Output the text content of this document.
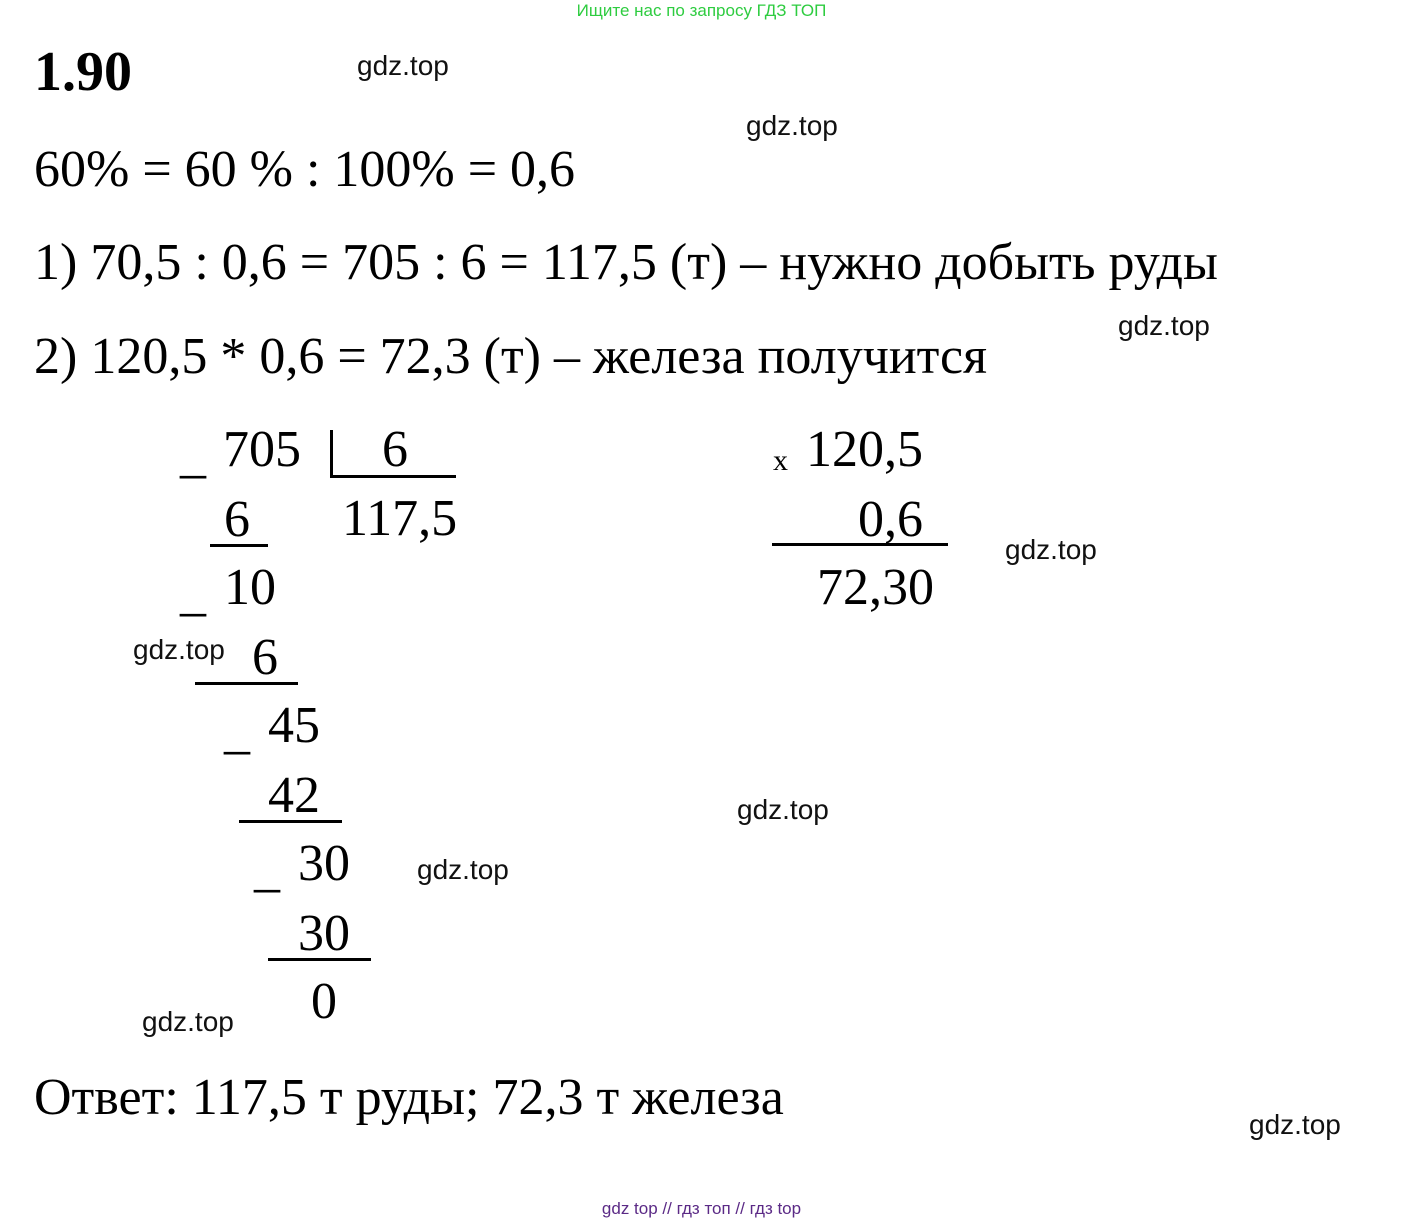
Ищите нас по запросу ГДЗ ТОП
gdz top // гдз топ // гдз top
gdz.top
gdz.top
gdz.top
gdz.top
gdz.top
gdz.top
gdz.top
gdz.top
gdz.top
1.90
60% = 60 % : 100% = 0,6
1) 70,5 : 0,6 = 705 : 6 = 117,5 (т) – нужно добыть руды
2) 120,5 * 0,6 = 72,3 (т) – железа получится
_ 705 6
117,5
6
_ 10
6
_ 45
42
_ 30
30
0
x 120,5
0,6
72,30
Ответ: 117,5 т руды; 72,3 т железа
